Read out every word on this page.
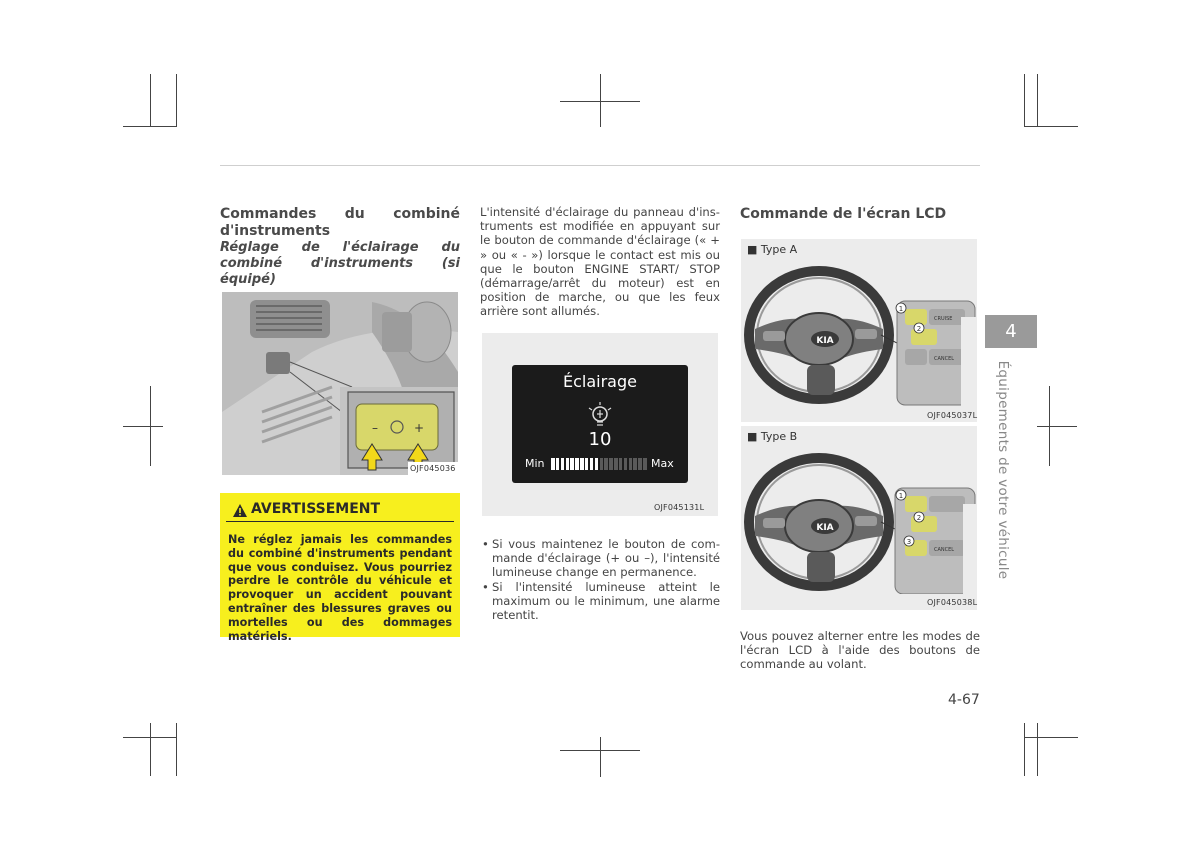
Commandes du combiné d'instruments
Réglage de l'éclairage du combiné d'instruments (si équipé)
–	+
OJF045036
AVERTISSEMENT
Ne réglez jamais les commandes du combiné d'instruments pendant que vous conduisez. Vous pourriez perdre le contrôle du véhicule et provoquer un accident pouvant entraîner des blessures graves ou mortelles ou des dommages matériels.
L'intensité d'éclairage du panneau d'ins-truments est modifiée en appuyant sur le bouton de commande d'éclairage (« + » ou « - ») lorsque le contact est mis ou que le bouton ENGINE START/ STOP (démarrage/arrêt du moteur) est en position de marche, ou que les feux arrière sont allumés.
Éclairage
10
Min	Max
OJF045131L
• Si vous maintenez le bouton de com-mande d'éclairage (+ ou –), l'intensité lumineuse change en permanence.
• Si l'intensité lumineuse atteint le maximum ou le minimum, une alarme retentit.
Commande de l'écran LCD
■ Type A
KIA
CRUISE
CANCEL
1
2
OJF045037L
■ Type B
KIA
CANCEL
1
2
3
OJF045038L
Vous pouvez alterner entre les modes de l'écran LCD à l'aide des boutons de commande au volant.
4
Équipements de votre véhicule
4-67
